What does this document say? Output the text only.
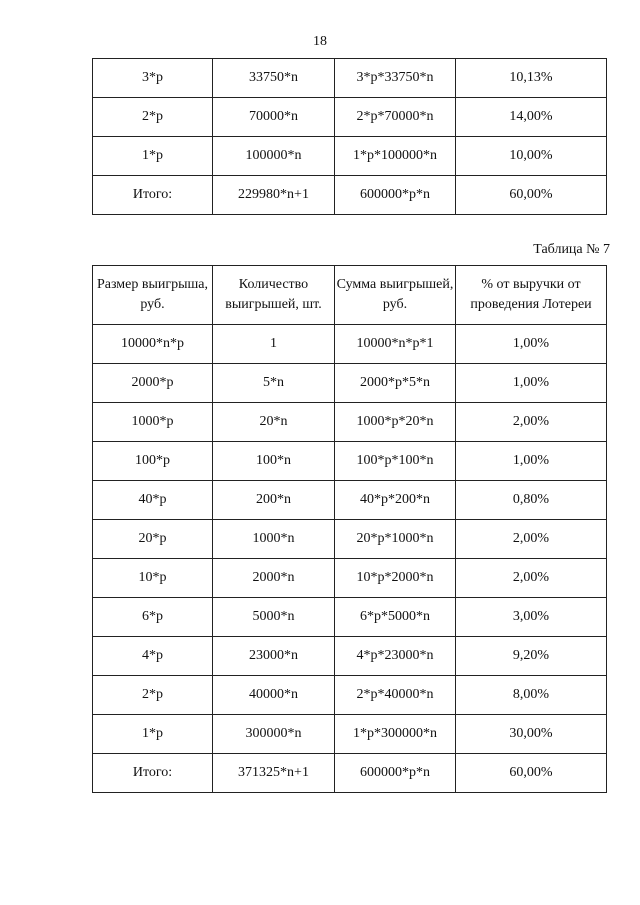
18
3*p	33750*n	3*p*33750*n	10,13%
2*p	70000*n	2*p*70000*n	14,00%
1*p	100000*n	1*p*100000*n	10,00%
Итого:	229980*n+1	600000*p*n	60,00%
Таблица № 7
Размер выигрыша, руб.	Количество выигрышей, шт.	Сумма выигрышей, руб.	% от выручки от проведения Лотереи
10000*n*p	1	10000*n*p*1	1,00%
2000*p	5*n	2000*p*5*n	1,00%
1000*p	20*n	1000*p*20*n	2,00%
100*p	100*n	100*p*100*n	1,00%
40*p	200*n	40*p*200*n	0,80%
20*p	1000*n	20*p*1000*n	2,00%
10*p	2000*n	10*p*2000*n	2,00%
6*p	5000*n	6*p*5000*n	3,00%
4*p	23000*n	4*p*23000*n	9,20%
2*p	40000*n	2*p*40000*n	8,00%
1*p	300000*n	1*p*300000*n	30,00%
Итого:	371325*n+1	600000*p*n	60,00%
